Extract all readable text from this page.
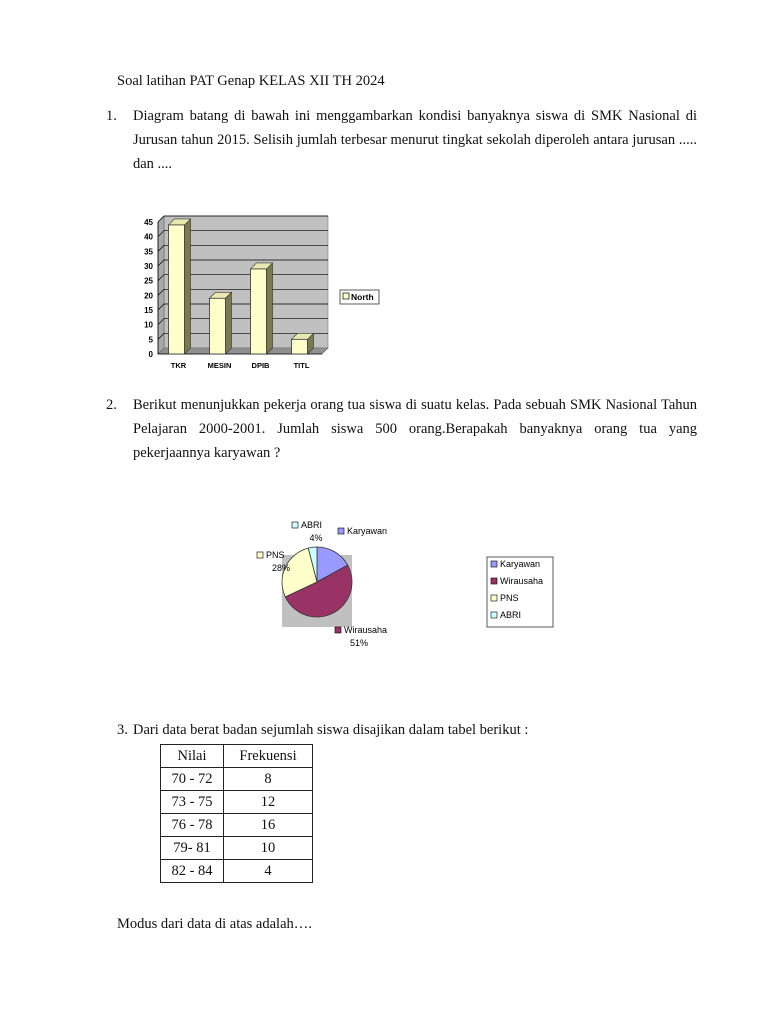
Soal latihan PAT Genap KELAS XII TH 2024
1. Diagram batang di bawah ini menggambarkan kondisi banyaknya siswa di SMK Nasional di Jurusan tahun 2015. Selisih jumlah terbesar menurut tingkat sekolah diperoleh antara jurusan ..... dan ....
0
5
10
15
20
25
30
35
40
45
TKR	MESIN	DPIB	TITL
North
2. Berikut menunjukkan pekerja orang tua siswa di suatu kelas. Pada sebuah SMK Nasional Tahun Pelajaran 2000-2001. Jumlah siswa 500 orang.Berapakah banyaknya orang tua yang pekerjaannya karyawan ?
Karyawan
Wirausaha
51%
PNS
28%
ABRI
4%
Karyawan
Wirausaha
PNS
ABRI
3. Dari data berat badan sejumlah siswa disajikan dalam tabel berikut :
Nilai	Frekuensi
70 - 72	8
73 - 75	12
76 - 78	16
79- 81	10
82 - 84	4
Modus dari data di atas adalah….
